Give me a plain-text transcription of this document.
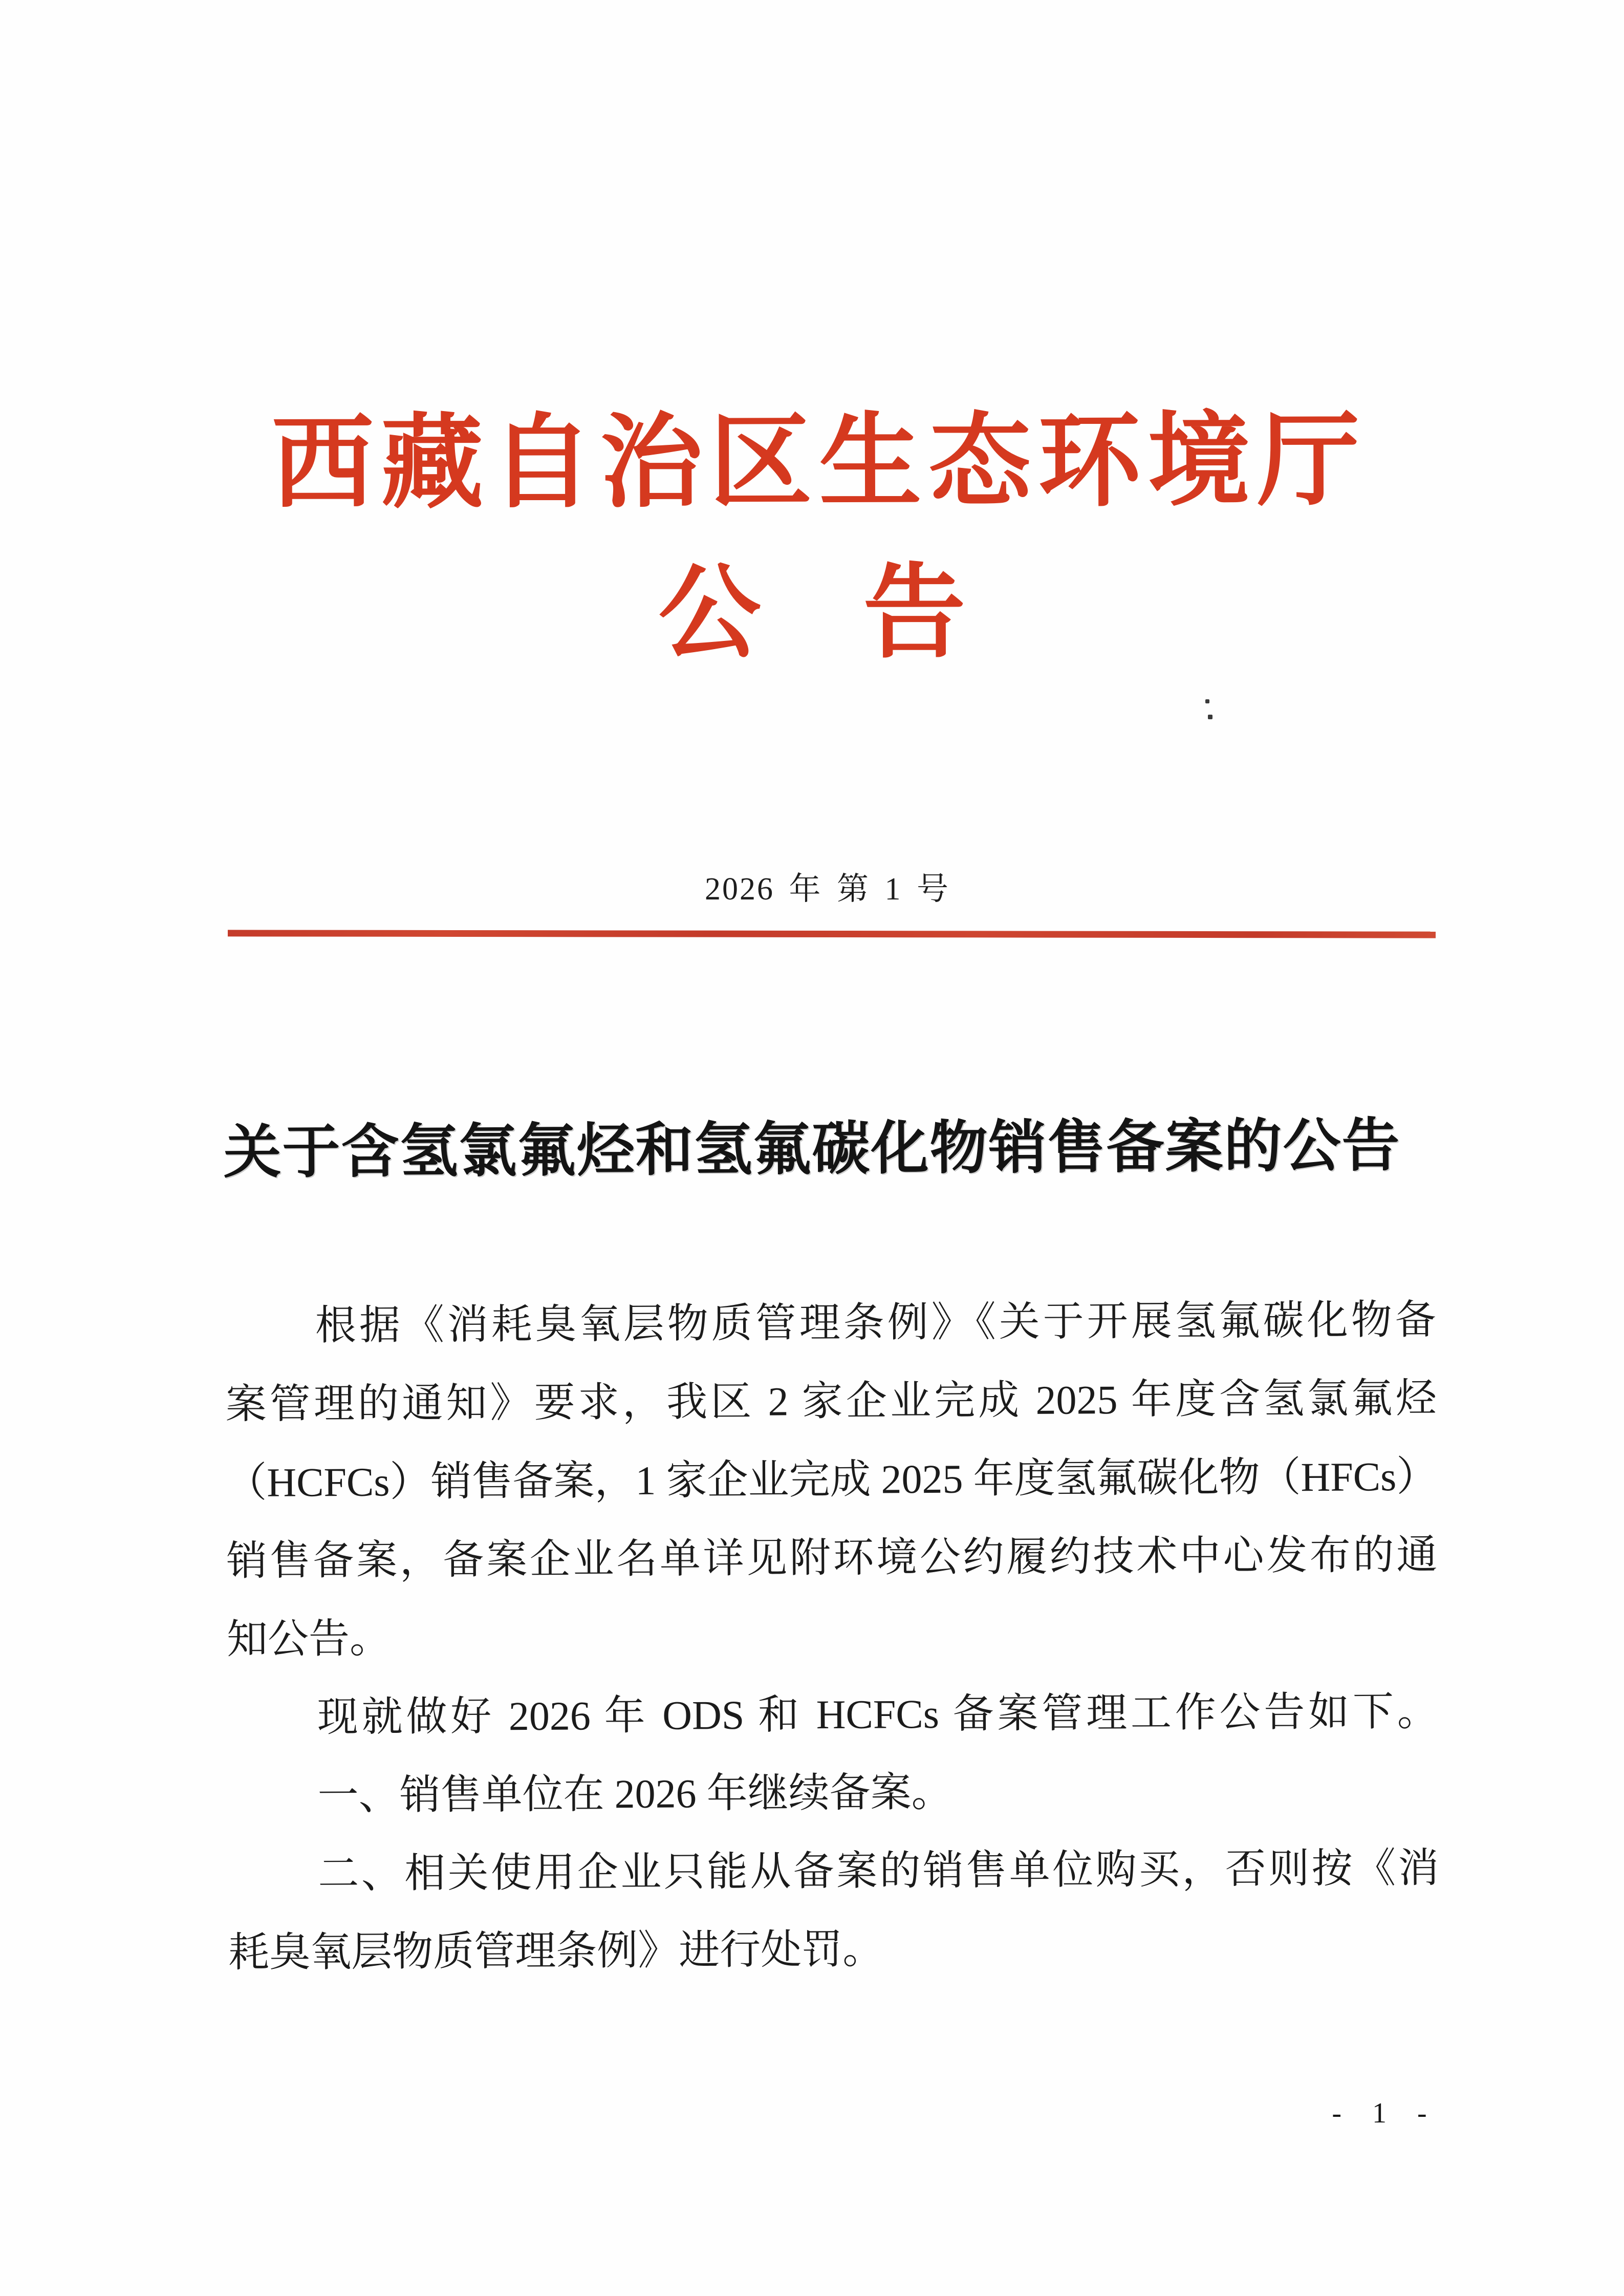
西藏自治区生态环境厅
公 告
2026 年 第 1 号
关于含氢氯氟烃和氢氟碳化物销售备案的公告
根据《消耗臭氧层物质管理条例》《关于开展氢氟碳化物备
案管理的通知》要求，我区 2 家企业完成 2025 年度含氢氯氟烃
（HCFCs）销售备案，1 家企业完成 2025 年度氢氟碳化物（HFCs）
销售备案，备案企业名单详见附环境公约履约技术中心发布的通
知公告。
现就做好 2026 年 ODS 和 HCFCs 备案管理工作公告如下。
一、销售单位在 2026 年继续备案。
二、相关使用企业只能从备案的销售单位购买，否则按《消
耗臭氧层物质管理条例》进行处罚。
- 1 -
